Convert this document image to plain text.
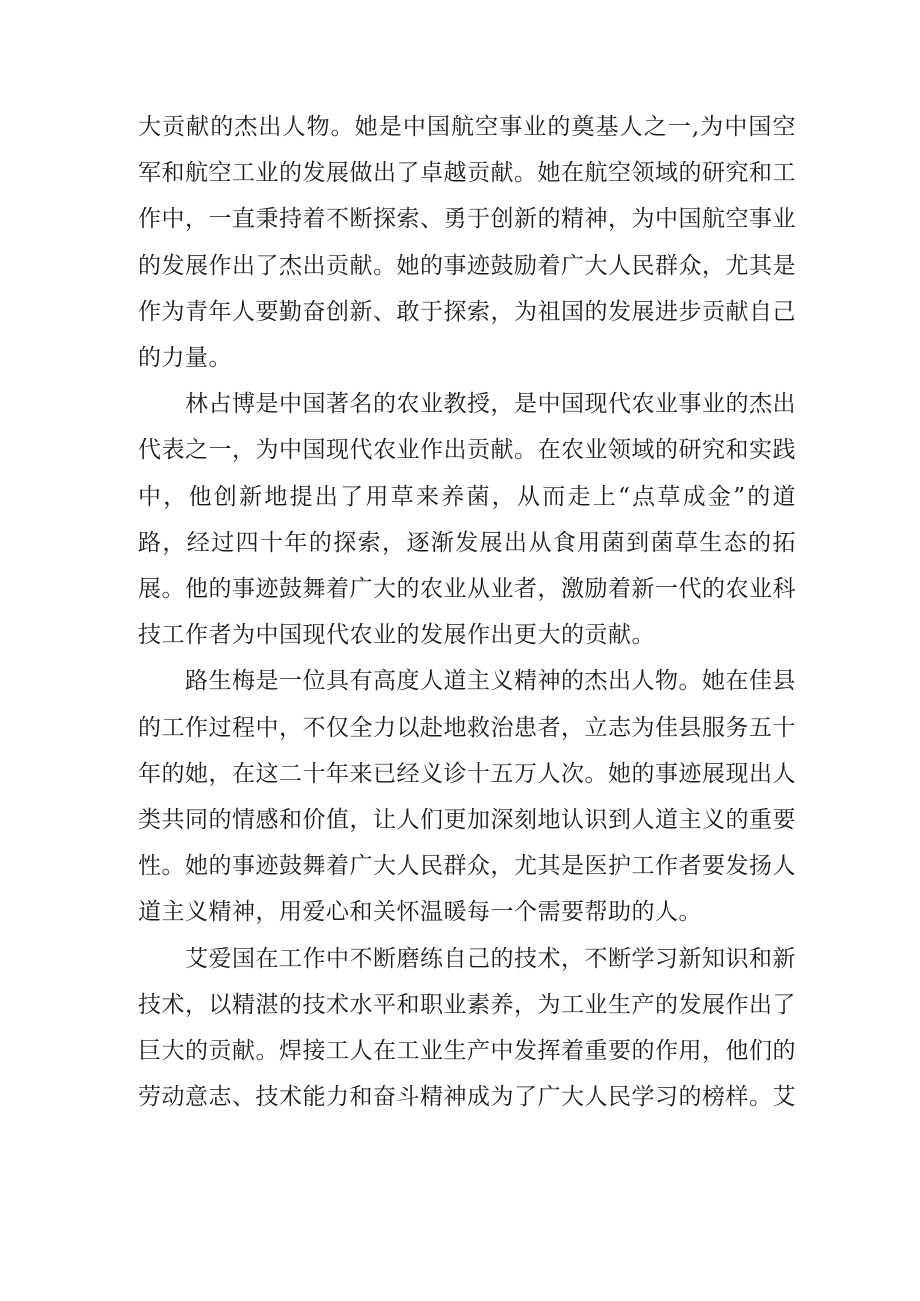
大贡献的杰出人物。她是中国航空事业的奠基人之一,为中国空军和航空工业的发展做出了卓越贡献。她在航空领域的研究和工作中，一直秉持着不断探索、勇于创新的精神，为中国航空事业的发展作出了杰出贡献。她的事迹鼓励着广大人民群众，尤其是作为青年人要勤奋创新、敢于探索，为祖国的发展进步贡献自己的力量。

林占博是中国著名的农业教授，是中国现代农业事业的杰出代表之一，为中国现代农业作出贡献。在农业领域的研究和实践中，他创新地提出了用草来养菌，从而走上“点草成金”的道路，经过四十年的探索，逐渐发展出从食用菌到菌草生态的拓展。他的事迹鼓舞着广大的农业从业者，激励着新一代的农业科技工作者为中国现代农业的发展作出更大的贡献。

路生梅是一位具有高度人道主义精神的杰出人物。她在佳县的工作过程中，不仅全力以赴地救治患者，立志为佳县服务五十年的她，在这二十年来已经义诊十五万人次。她的事迹展现出人类共同的情感和价值，让人们更加深刻地认识到人道主义的重要性。她的事迹鼓舞着广大人民群众，尤其是医护工作者要发扬人道主义精神，用爱心和关怀温暖每一个需要帮助的人。

艾爱国在工作中不断磨练自己的技术，不断学习新知识和新技术，以精湛的技术水平和职业素养，为工业生产的发展作出了巨大的贡献。焊接工人在工业生产中发挥着重要的作用，他们的劳动意志、技术能力和奋斗精神成为了广大人民学习的榜样。艾
